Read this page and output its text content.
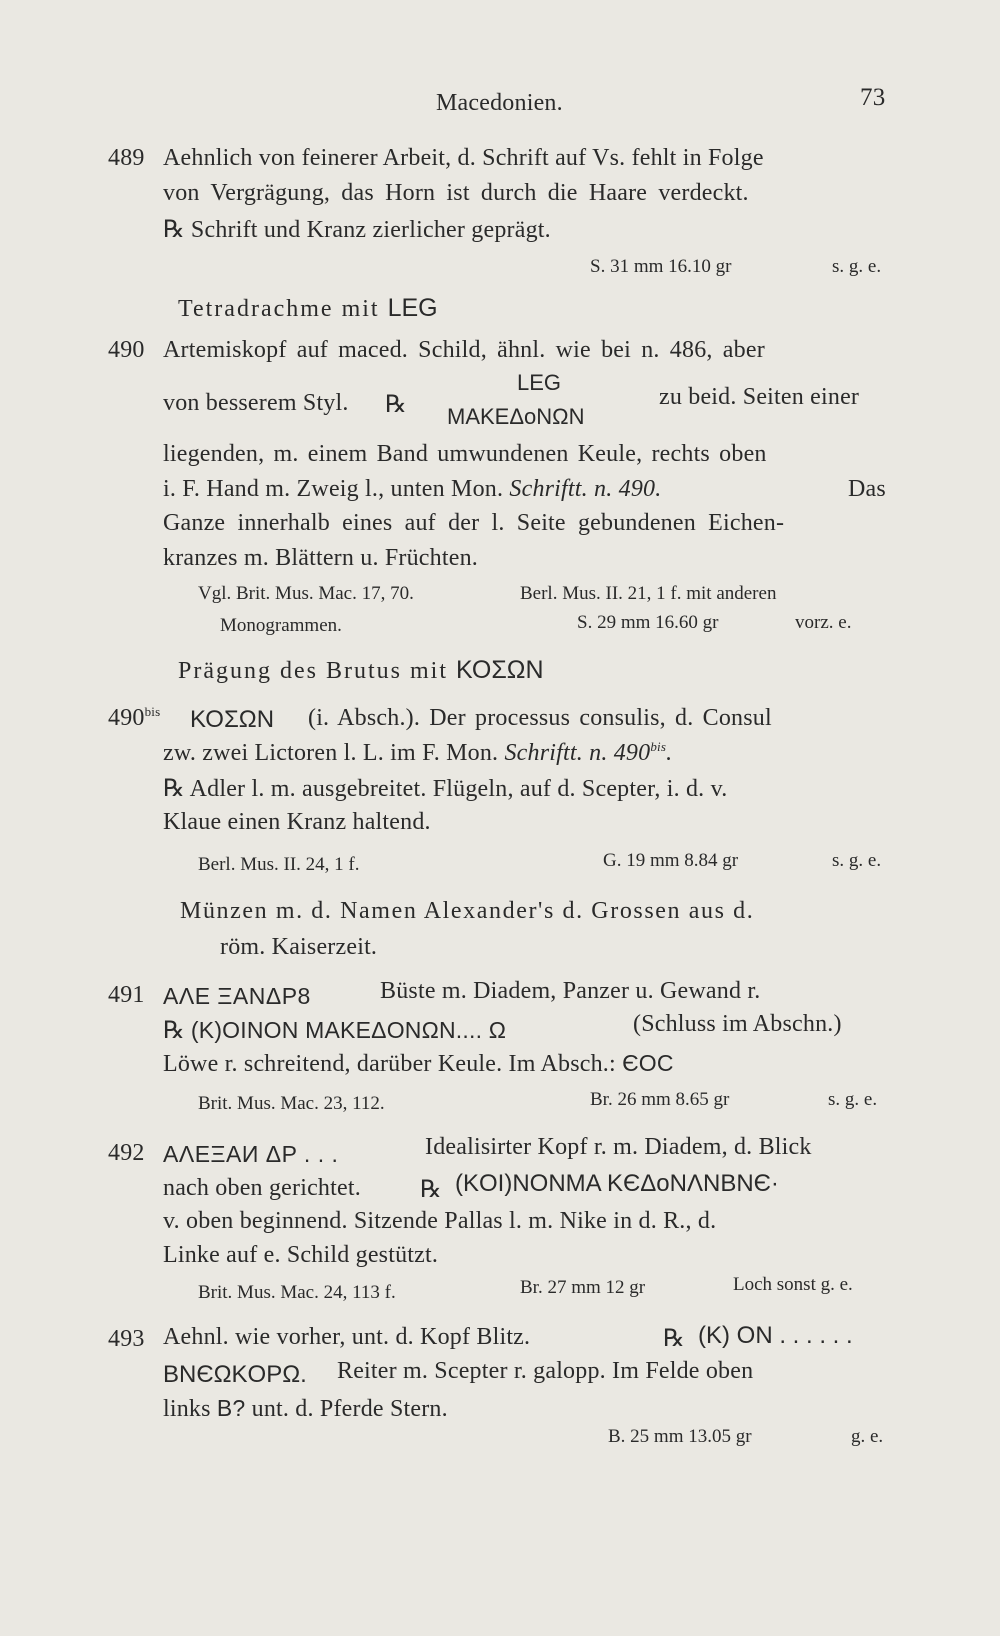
Macedonien.	73
489 Aehnlich von feinerer Arbeit, d. Schrift auf Vs. fehlt in Folge
von Vergrägung, das Horn ist durch die Haare verdeckt.
℞ Schrift und Kranz zierlicher geprägt.
S. 31 mm 16.10 gr	s. g. e.
Tetradrachme mit LEG
490 Artemiskopf auf maced. Schild, ähnl. wie bei n. 486, aber
von besserem Styl. ℞
LEG
MAKEΔoNΩN
zu beid. Seiten einer
liegenden, m. einem Band umwundenen Keule, rechts oben
i. F. Hand m. Zweig l., unten Mon. Schriftt. n. 490.	Das
Ganze innerhalb eines auf der l. Seite gebundenen Eichen-
kranzes m. Blättern u. Früchten.
Vgl. Brit. Mus. Mac. 17, 70.	Berl. Mus. II. 21, 1 f. mit anderen
Monogrammen.	S. 29 mm 16.60 gr	vorz. e.
Prägung des Brutus mit ΚΟΣΩΝ
$490^{bis}$ ΚΟΣΩΝ (i. Absch.). Der processus consulis, d. Consul
zw. zwei Lictoren l. L. im F. Mon. Schriftt. n. $490^{bis}$.
℞ Adler l. m. ausgebreitet. Flügeln, auf d. Scepter, i. d. v.
Klaue einen Kranz haltend.
Berl. Mus. II. 24, 1 f.	G. 19 mm 8.84 gr	s. g. e.
Münzen m. d. Namen Alexander's d. Grossen aus d.
röm. Kaiserzeit.
491 ΑΛΕ ΞΑΝΔΡ8	Büste m. Diadem, Panzer u. Gewand r.
℞ (K)OINON MAKEΔONΩN.... Ω	(Schluss im Abschn.)
Löwe r. schreitend, darüber Keule. Im Absch.: ЄΟC
Brit. Mus. Mac. 23, 112.	Br. 26 mm 8.65 gr	s. g. e.
492 ΑΛΕΞΑИ ΔΡ . . .	Idealisirter Kopf r. m. Diadem, d. Blick
nach oben gerichtet. ℞ (KOI)NONMA KЄΔoNΛNBNЄ·
v. oben beginnend. Sitzende Pallas l. m. Nike in d. R., d.
Linke auf e. Schild gestützt.
Brit. Mus. Mac. 24, 113 f.	Br. 27 mm 12 gr	Loch sonst g. e.
493 Aehnl. wie vorher, unt. d. Kopf Blitz.	℞ (K) ON . . . . . .
BNЄΩKOPΩ. Reiter m. Scepter r. galopp. Im Felde oben
links B? unt. d. Pferde Stern.
B. 25 mm 13.05 gr	g. e.
